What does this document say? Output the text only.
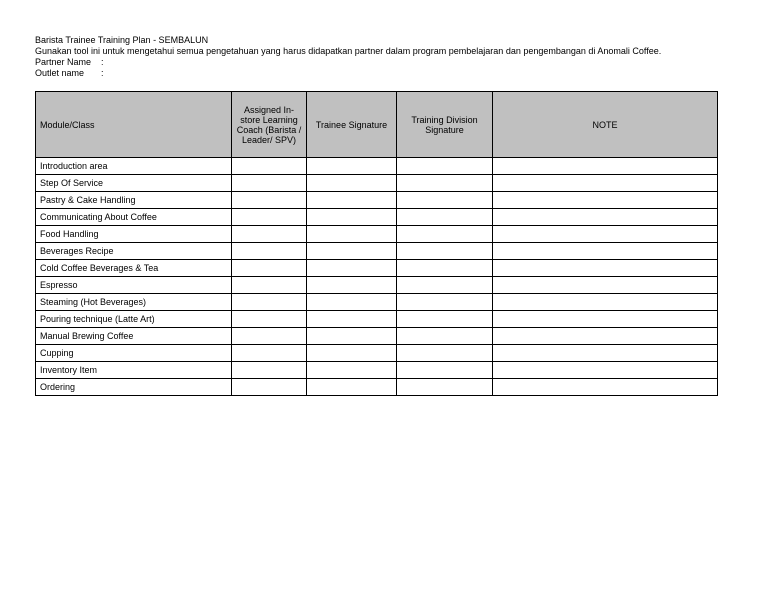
Barista Trainee Training Plan - SEMBALUN
Gunakan tool ini untuk mengetahui semua pengetahuan yang harus didapatkan partner dalam program pembelajaran dan pengembangan di Anomali Coffee.
Partner Name :
Outlet name :
Module/Class	Assigned In-store Learning Coach (Barista / Leader/ SPV)	Trainee Signature	Training Division Signature	NOTE
Introduction area				
Step Of Service				
Pastry & Cake Handling				
Communicating About Coffee				
Food Handling				
Beverages Recipe				
Cold Coffee Beverages & Tea				
Espresso				
Steaming (Hot Beverages)				
Pouring technique (Latte Art)				
Manual Brewing Coffee				
Cupping				
Inventory Item				
Ordering				
